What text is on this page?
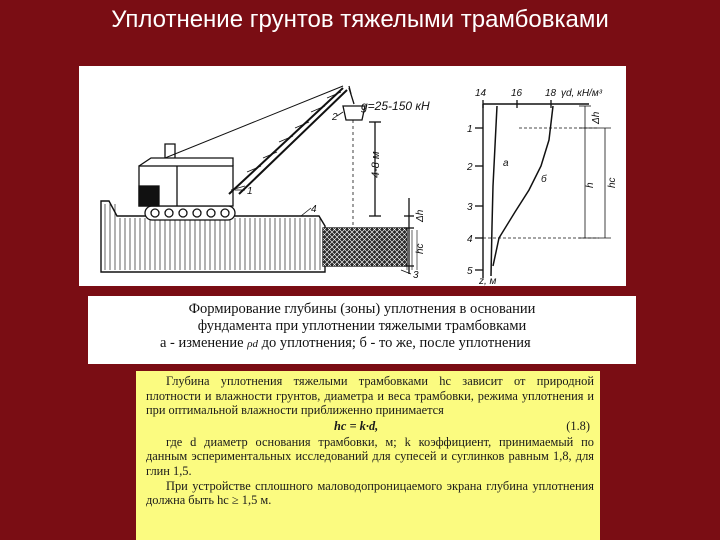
Уплотнение грунтов тяжелыми трамбовками
4-8 м
Δh
hc
g=25-150 кН
1
2
3
4
14 16 18 γd, кН/м³
1
2
3
4
5
z, м
a
б
Δh
h hc
Формирование глубины (зоны) уплотнения в основании
фундамента при уплотнении тяжелыми трамбовками
а - изменение ρd до уплотнения; б - то же, после уплотнения
Глубина уплотнения тяжелыми трамбовками hc зависит от природной плотности и влажности грунтов, диаметра и веса трамбовки, режима уплотнения и при оптимальной влажности приближенно принимается
hc = k·d,	(1.8)
где d диаметр основания трамбовки, м; k коэффициент, принимаемый по данным эспериментальных исследований для супесей и суглинков равным 1,8, для глин 1,5.
При устройстве сплошного маловодопроницаемого экрана глубина уплотнения должна быть hc ≥ 1,5 м.
